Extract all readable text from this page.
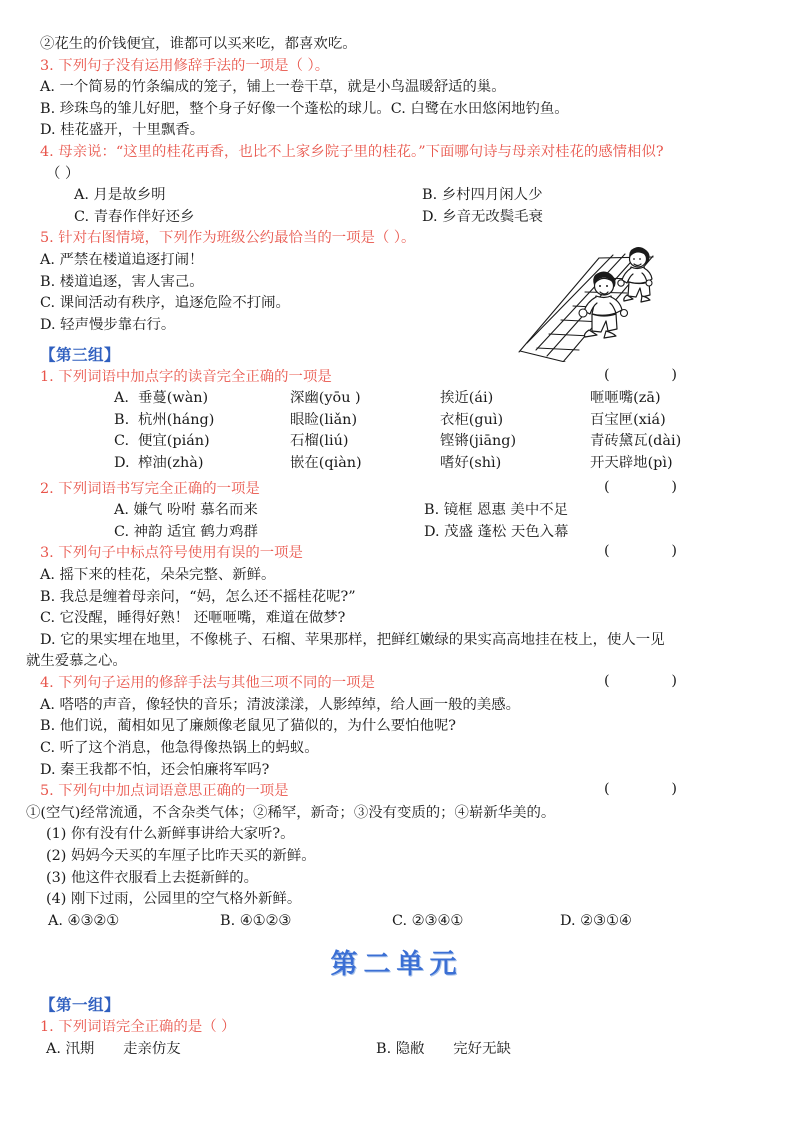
②花生的价钱便宜，谁都可以买来吃，都喜欢吃。
3. 下列句子没有运用修辞手法的一项是（ ）。
A. 一个简易的竹条编成的笼子，铺上一卷干草，就是小鸟温暖舒适的巢。
B. 珍珠鸟的雏儿好肥，整个身子好像一个蓬松的球儿。C. 白鹭在水田悠闲地钓鱼。
D. 桂花盛开，十里飘香。
4. 母亲说：“这里的桂花再香，也比不上家乡院子里的桂花。”下面哪句诗与母亲对桂花的感情相似?
（ ）
A. 月是故乡明	B. 乡村四月闲人少
C. 青春作伴好还乡	D. 乡音无改鬓毛衰
5. 针对右图情境，下列作为班级公约最恰当的一项是（ ）。
A. 严禁在楼道追逐打闹！
B. 楼道追逐，害人害己。
C. 课间活动有秩序，追逐危险不打闹。
D. 轻声慢步靠右行。
【第三组】
(   )
1. 下列词语中加点字的读音完全正确的一项是
A. 垂蔓(wàn)	深幽(yōu )	挨近(ái)	咂咂嘴(zā)
B. 杭州(háng)	眼睑(liǎn)	衣柜(guì)	百宝匣(xiá)
C. 便宜(pián)	石榴(liú)	铿锵(jiāng)	青砖黛瓦(dài)
D. 榨油(zhà)	嵌在(qiàn)	嗜好(shì)	开天辟地(pì)
(   )
2. 下列词语书写完全正确的一项是
A. 嫌气 吩咐 慕名而来	B. 镜框 恩惠 美中不足
C. 神韵 适宜 鹤力鸡群	D. 茂盛 蓬松 天色入幕
(   )
3. 下列句子中标点符号使用有误的一项是
A. 摇下来的桂花，朵朵完整、新鲜。
B. 我总是缠着母亲问，“妈，怎么还不摇桂花呢?”
C. 它没醒，睡得好熟！ 还咂咂嘴，难道在做梦?
D. 它的果实埋在地里，不像桃子、石榴、苹果那样，把鲜红嫩绿的果实高高地挂在枝上，使人一见
就生爱慕之心。
(   )
4. 下列句子运用的修辞手法与其他三项不同的一项是
A. 嗒嗒的声音，像轻快的音乐；清波漾漾，人影绰绰，给人画一般的美感。
B. 他们说，蔺相如见了廉颇像老鼠见了猫似的，为什么要怕他呢?
C. 听了这个消息，他急得像热锅上的蚂蚁。
D. 秦王我都不怕，还会怕廉将军吗?
(   )
5. 下列句中加点词语意思正确的一项是
①(空气)经常流通，不含杂类气体；②稀罕，新奇；③没有变质的；④崭新华美的。
(1) 你有没有什么新鲜事讲给大家听?。
(2) 妈妈今天买的车厘子比昨天买的新鲜。
(3) 他这件衣服看上去挺新鲜的。
(4) 刚下过雨，公园里的空气格外新鲜。
A. ④③②①	B. ④①②③	C. ②③④①	D. ②③①④
第二单元
【第一组】
1. 下列词语完全正确的是（ ）
A. 汛期　　走亲仿友	B. 隐敝　　完好无缺
